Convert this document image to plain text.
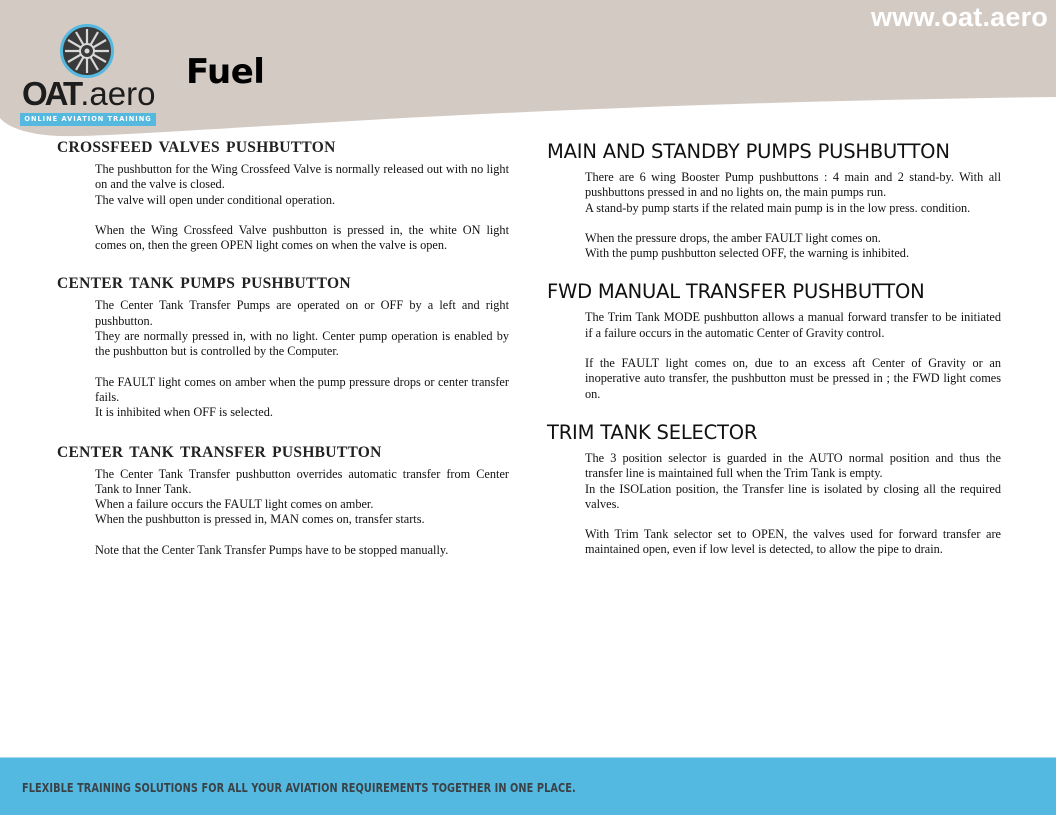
www.oat.aero
OAT.aero
ONLINE AVIATION TRAINING
Fuel
CROSSFEED VALVES PUSHBUTTON

The pushbutton for the Wing Crossfeed Valve is normally released out with no light on and the valve is closed.

The valve will open under conditional operation.

When the Wing Crossfeed Valve pushbutton is pressed in, the white ON light comes on, then the green OPEN light comes on when the valve is open.

CENTER TANK PUMPS PUSHBUTTON

The Center Tank Transfer Pumps are operated on or OFF by a left and right pushbutton.

They are normally pressed in, with no light. Center pump operation is enabled by the pushbutton but is controlled by the Computer.

The FAULT light comes on amber when the pump pressure drops or center transfer fails.

It is inhibited when OFF is selected.

CENTER TANK TRANSFER PUSHBUTTON

The Center Tank Transfer pushbutton overrides automatic transfer from Center Tank to Inner Tank.

When a failure occurs the FAULT light comes on amber.

When the pushbutton is pressed in, MAN comes on, transfer starts.

Note that the Center Tank Transfer Pumps have to be stopped manually.

MAIN AND STANDBY PUMPS PUSHBUTTON

There are 6 wing Booster Pump pushbuttons : 4 main and 2 stand-by. With all pushbuttons pressed in and no lights on, the main pumps run.

A stand-by pump starts if the related main pump is in the low press. condition.

When the pressure drops, the amber FAULT light comes on.

With the pump pushbutton selected OFF, the warning is inhibited.

FWD MANUAL TRANSFER PUSHBUTTON

The Trim Tank MODE pushbutton allows a manual forward transfer to be initiated if a failure occurs in the automatic Center of Gravity control.

If the FAULT light comes on, due to an excess aft Center of Gravity or an inoperative auto transfer, the pushbutton must be pressed in ; the FWD light comes on.

TRIM TANK SELECTOR

The 3 position selector is guarded in the AUTO normal position and thus the transfer line is maintained full when the Trim Tank is empty.

In the ISOLation position, the Transfer line is isolated by closing all the required valves.

With Trim Tank selector set to OPEN, the valves used for forward transfer are maintained open, even if low level is detected, to allow the pipe to drain.

FLEXIBLE TRAINING SOLUTIONS FOR ALL YOUR AVIATION REQUIREMENTS TOGETHER IN ONE PLACE.
